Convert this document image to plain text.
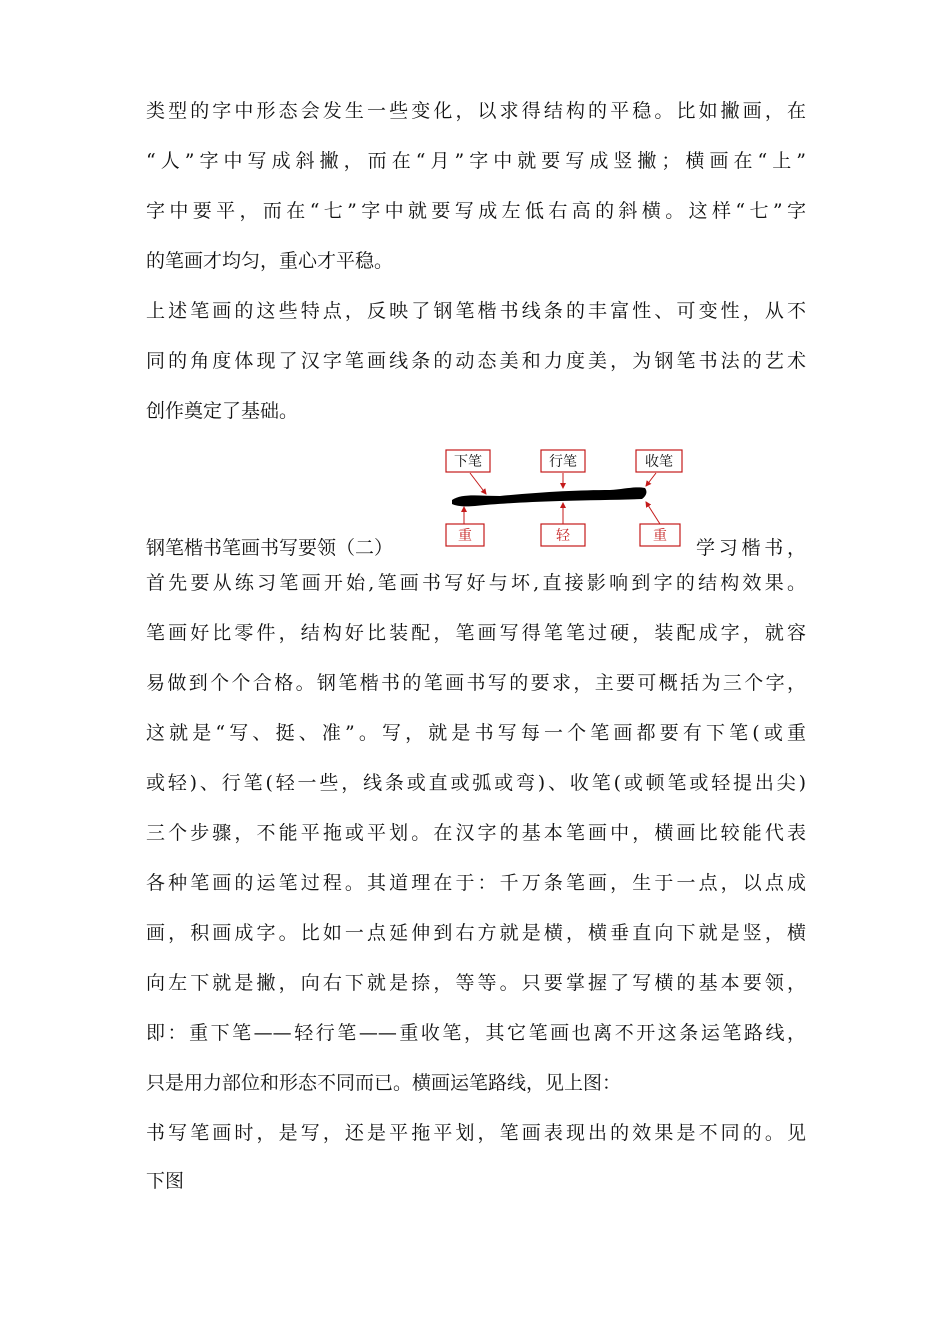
类型的字中形态会发生一些变化，以求得结构的平稳。比如撇画，在
“人”字中写成斜撇，而在“月”字中就要写成竖撇；横画在“上”
字中要平，而在“七”字中就要写成左低右高的斜横。这样“七”字
的笔画才均匀，重心才平稳。
上述笔画的这些特点，反映了钢笔楷书线条的丰富性、可变性，从不
同的角度体现了汉字笔画线条的动态美和力度美，为钢笔书法的艺术
创作奠定了基础。
钢笔楷书笔画书写要领（二）
下笔	行笔	收笔
重	轻	重
学习楷书，
首先要从练习笔画开始,笔画书写好与坏,直接影响到字的结构效果。
笔画好比零件，结构好比装配，笔画写得笔笔过硬，装配成字，就容
易做到个个合格。钢笔楷书的笔画书写的要求，主要可概括为三个字，
这就是“写、挺、准”。写，就是书写每一个笔画都要有下笔(或重
或轻)、行笔(轻一些，线条或直或弧或弯)、收笔(或顿笔或轻提出尖)
三个步骤，不能平拖或平划。在汉字的基本笔画中，横画比较能代表
各种笔画的运笔过程。其道理在于：千万条笔画，生于一点，以点成
画，积画成字。比如一点延伸到右方就是横，横垂直向下就是竖，横
向左下就是撇，向右下就是捺，等等。只要掌握了写横的基本要领，
即：重下笔——轻行笔——重收笔，其它笔画也离不开这条运笔路线，
只是用力部位和形态不同而已。横画运笔路线，见上图：
书写笔画时，是写，还是平拖平划，笔画表现出的效果是不同的。见
下图
